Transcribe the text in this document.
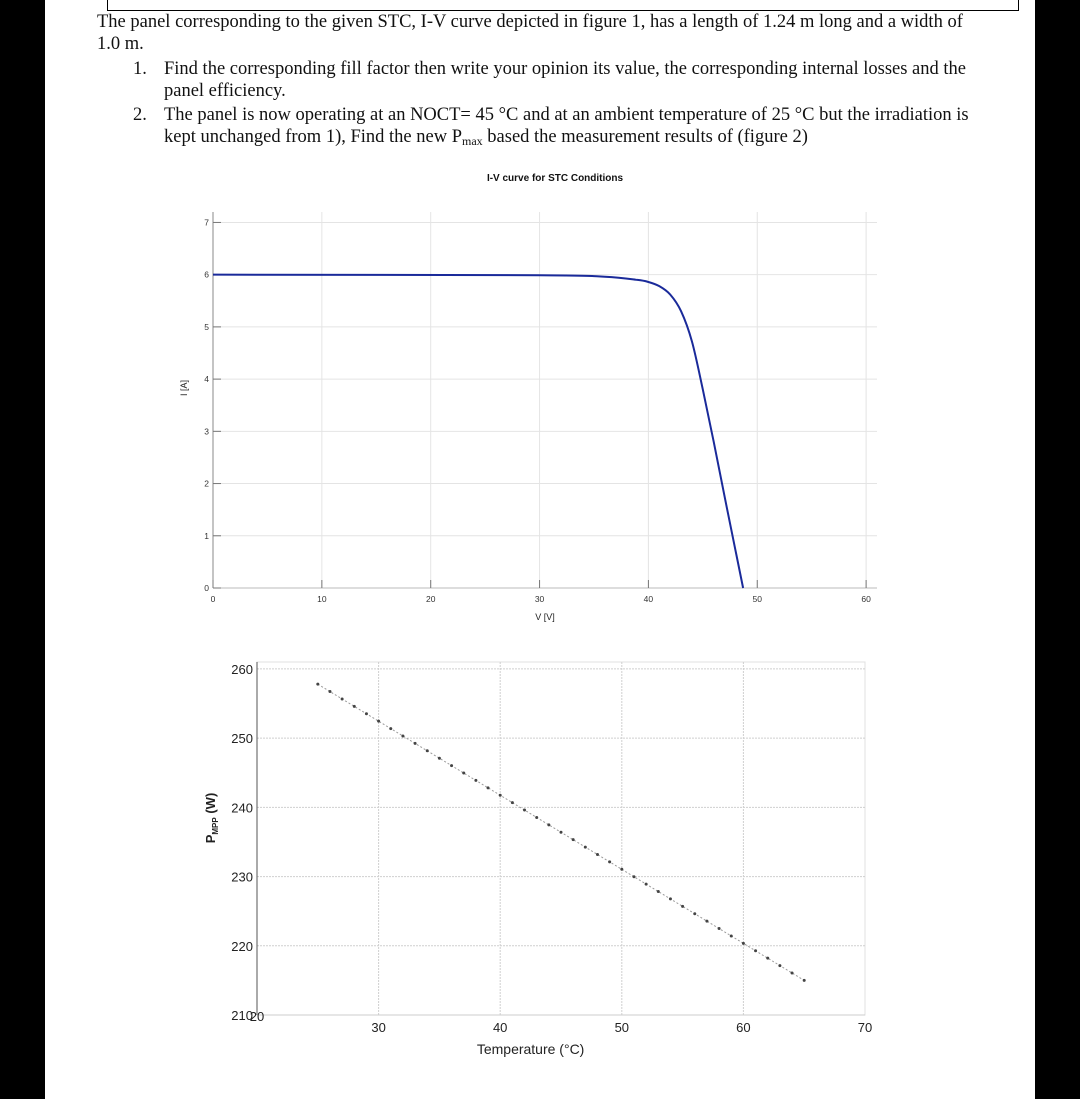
The panel corresponding to the given STC, I-V curve depicted in figure 1, has a length of 1.24 m long and a width of 1.0 m.
1. Find the corresponding fill factor then write your opinion its value, the corresponding internal losses and the panel efficiency.
2. The panel is now operating at an NOCT= 45 °C and at an ambient temperature of 25 °C but the irradiation is kept unchanged from 1), Find the new $P_{max}$ based the measurement results of (figure 2)
I-V curve for STC Conditions
0
1
2
3
4
5
6
7
0	10	20	30	40	50	60
V [V]
I [A]
210
220
230
240
250
260
20
30	40	50	60	70
Temperature (°C)
$P_{MPP}$ (W)
